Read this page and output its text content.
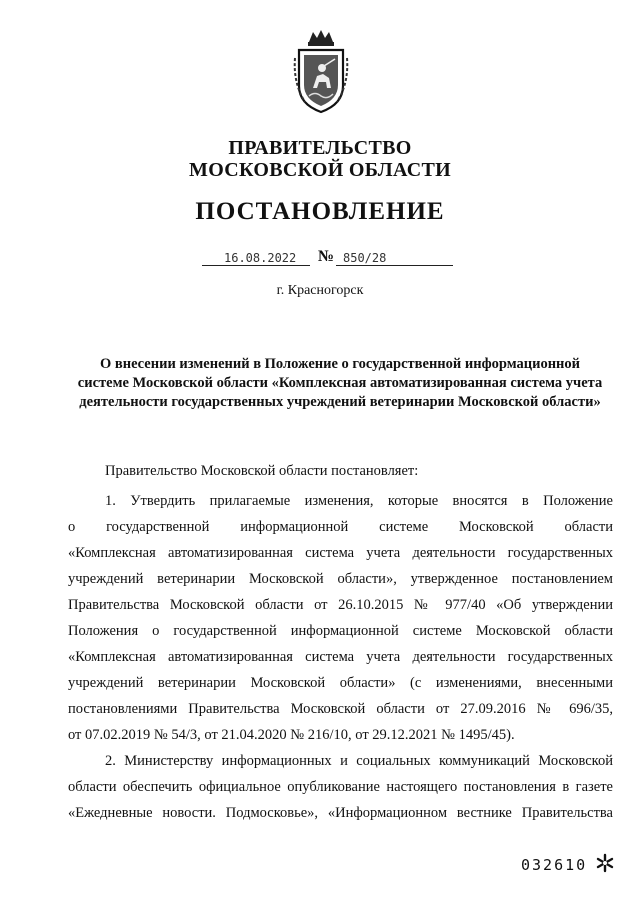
ПРАВИТЕЛЬСТВО
МОСКОВСКОЙ ОБЛАСТИ
ПОСТАНОВЛЕНИЕ
16.08.2022 № 850/28
г. Красногорск
О внесении изменений в Положение о государственной информационной
системе Московской области «Комплексная автоматизированная система учета
деятельности государственных учреждений ветеринарии Московской области»
Правительство Московской области постановляет:
1. Утвердить прилагаемые изменения, которые вносятся в Положение
о государственной информационной системе Московской области
«Комплексная автоматизированная система учета деятельности государственных
учреждений ветеринарии Московской области», утвержденное постановлением
Правительства Московской области от 26.10.2015 № 977/40 «Об утверждении
Положения о государственной информационной системе Московской области
«Комплексная автоматизированная система учета деятельности государственных
учреждений ветеринарии Московской области» (с изменениями, внесенными
постановлениями Правительства Московской области от 27.09.2016 № 696/35,
от 07.02.2019 № 54/3, от 21.04.2020 № 216/10, от 29.12.2021 № 1495/45).
2. Министерству информационных и социальных коммуникаций Московской
области обеспечить официальное опубликование настоящего постановления в газете
«Ежедневные новости. Подмосковье», «Информационном вестнике Правительства
032610
